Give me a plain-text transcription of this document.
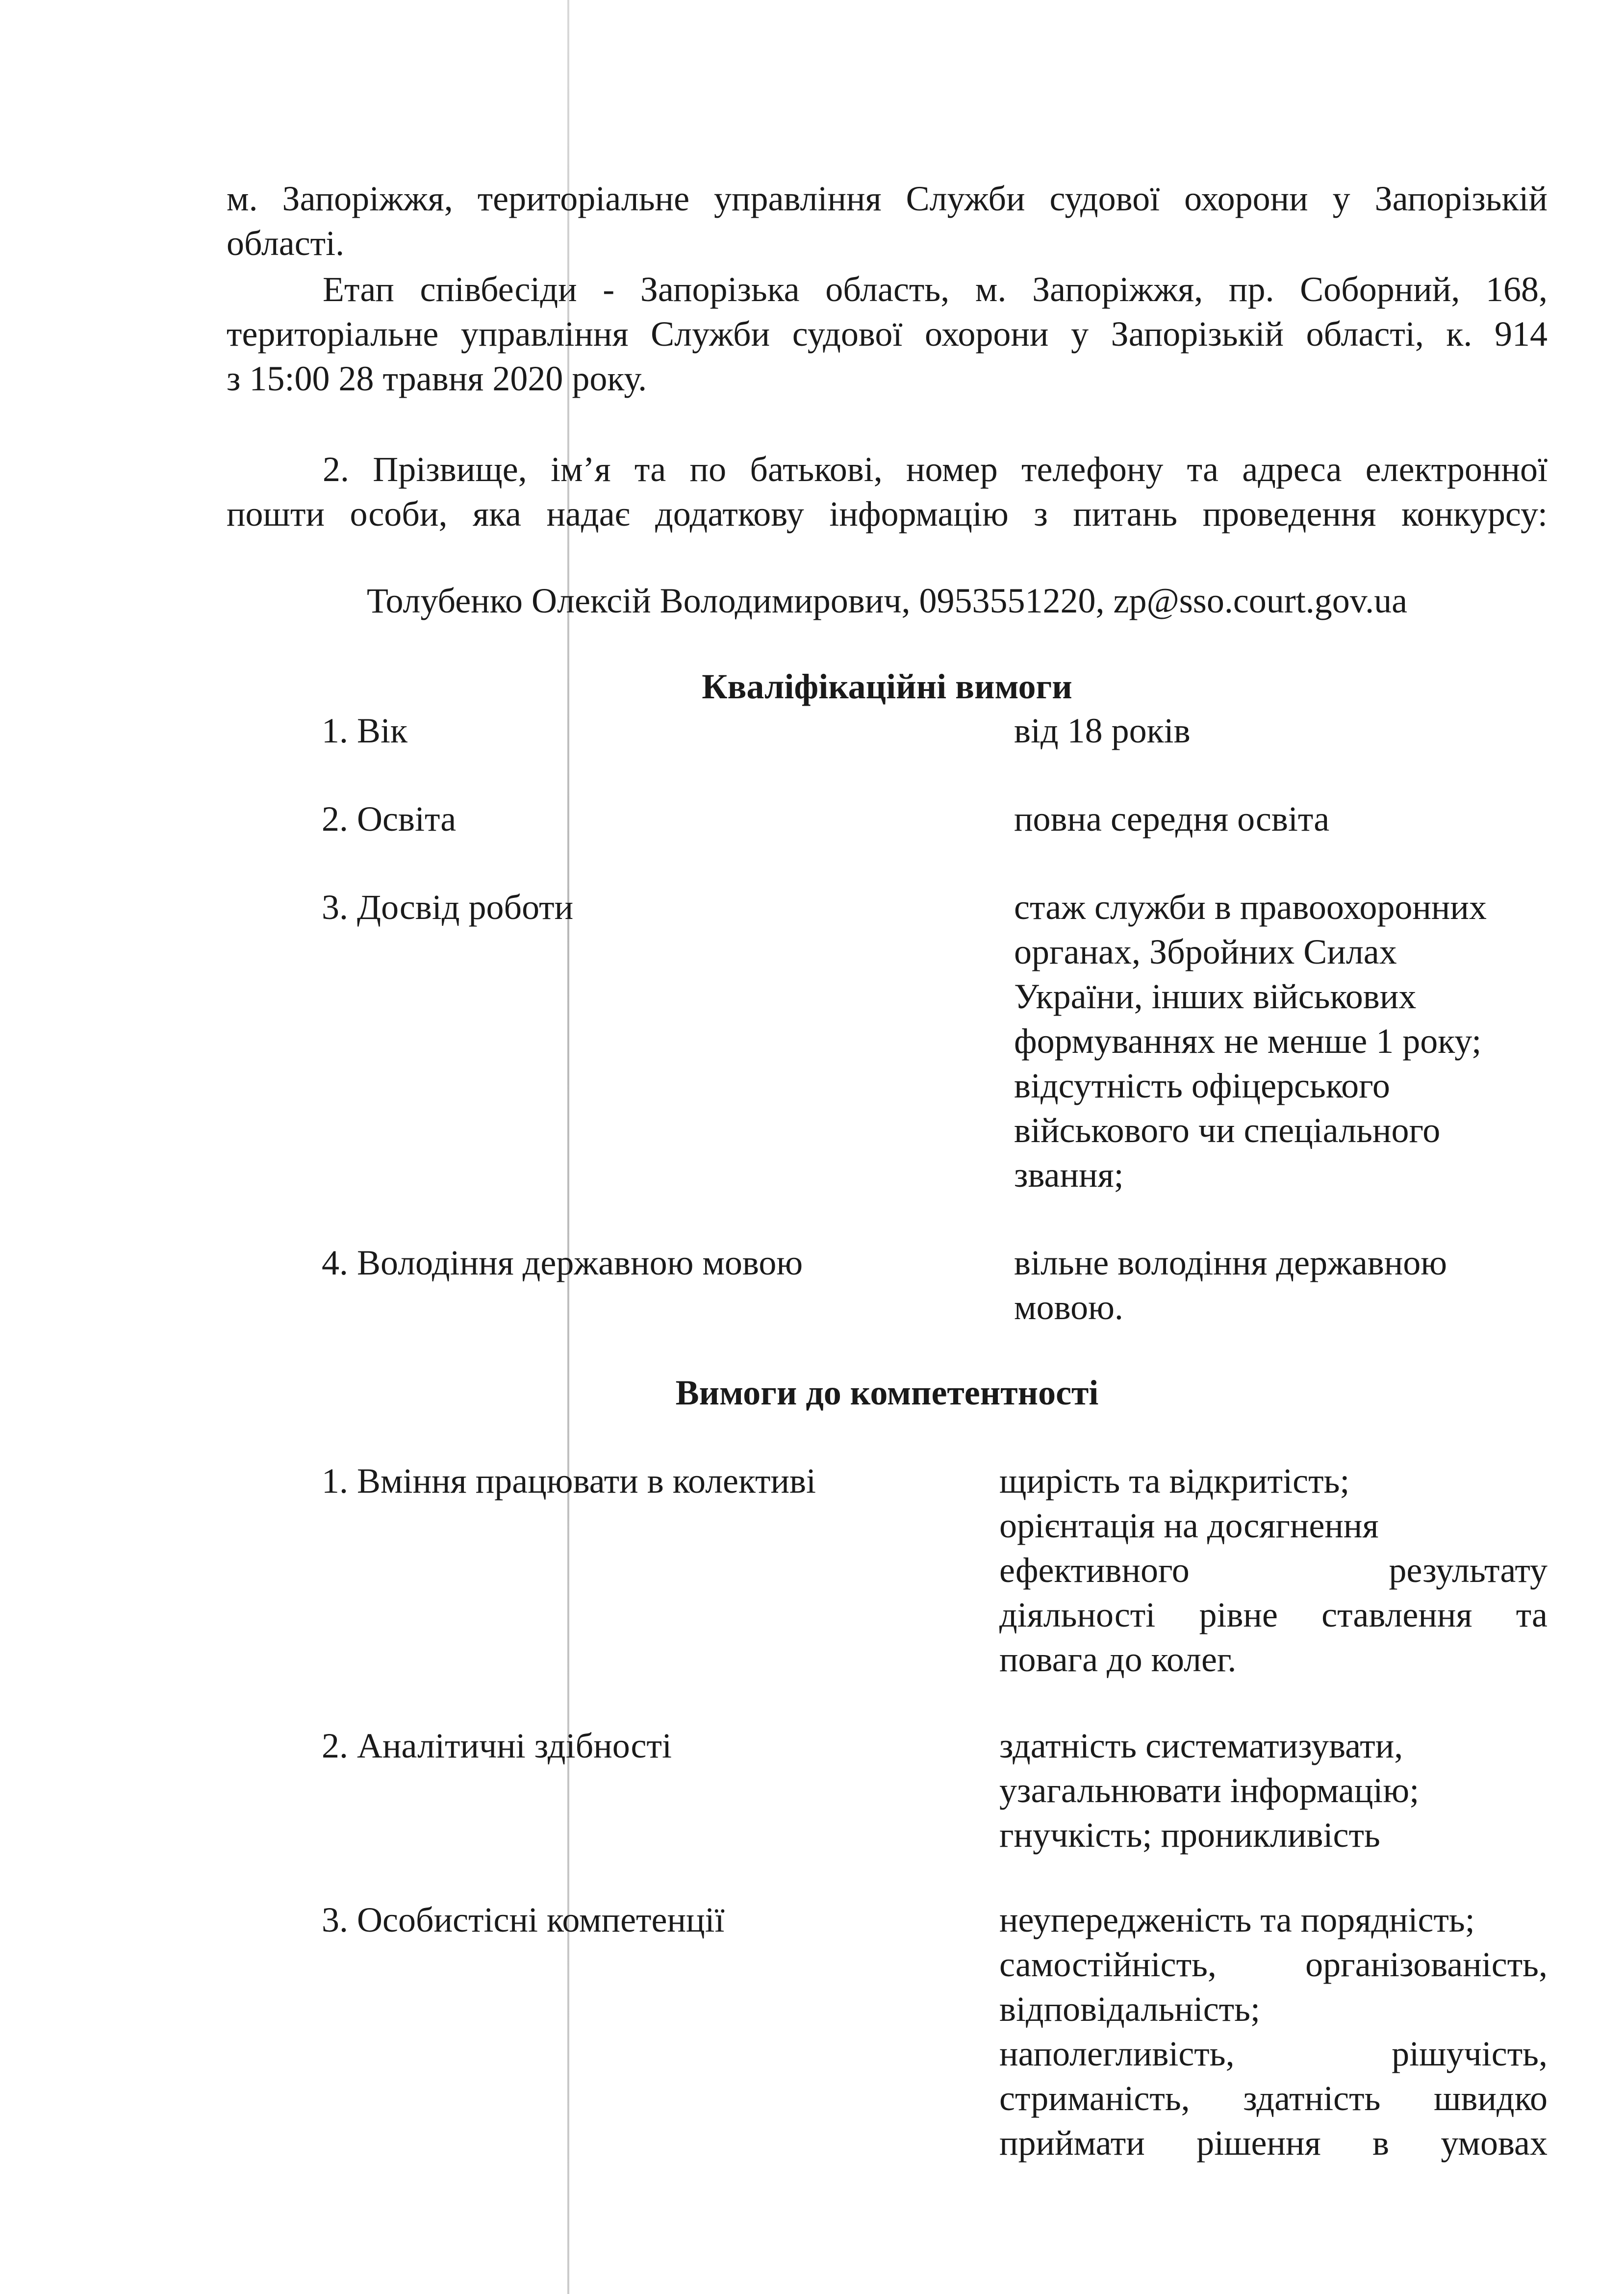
м. Запоріжжя, територіальне управління Служби судової охорони у Запорізькій
області.
Етап співбесіди - Запорізька область, м. Запоріжжя, пр. Соборний, 168,
територіальне управління Служби судової охорони у Запорізькій області, к. 914
з 15:00 28 травня 2020 року.
2. Прізвище, ім’я та по батькові, номер телефону та адреса електронної
пошти особи, яка надає додаткову інформацію з питань проведення конкурсу:
Толубенко Олексій Володимирович, 0953551220, zp@sso.court.gov.ua
Кваліфікаційні вимоги
1. Вік	від 18 років
2. Освіта	повна середня освіта
3. Досвід роботи	стаж служби в правоохоронних
органах, Збройних Силах
України, інших військових
формуваннях не менше 1 року;
відсутність офіцерського
військового чи спеціального
звання;
4. Володіння державною мовою	вільне володіння державною
мовою.
Вимоги до компетентності
1. Вміння працювати в колективі	щирість та відкритість;
орієнтація на досягнення
ефективного результату
діяльності рівне ставлення та
повага до колег.
2. Аналітичні здібності	здатність систематизувати,
узагальнювати інформацію;
гнучкість; проникливість
3. Особистісні компетенції	неупередженість та порядність;
самостійність, організованість,
відповідальність;
наполегливість, рішучість,
стриманість, здатність швидко
приймати рішення в умовах
